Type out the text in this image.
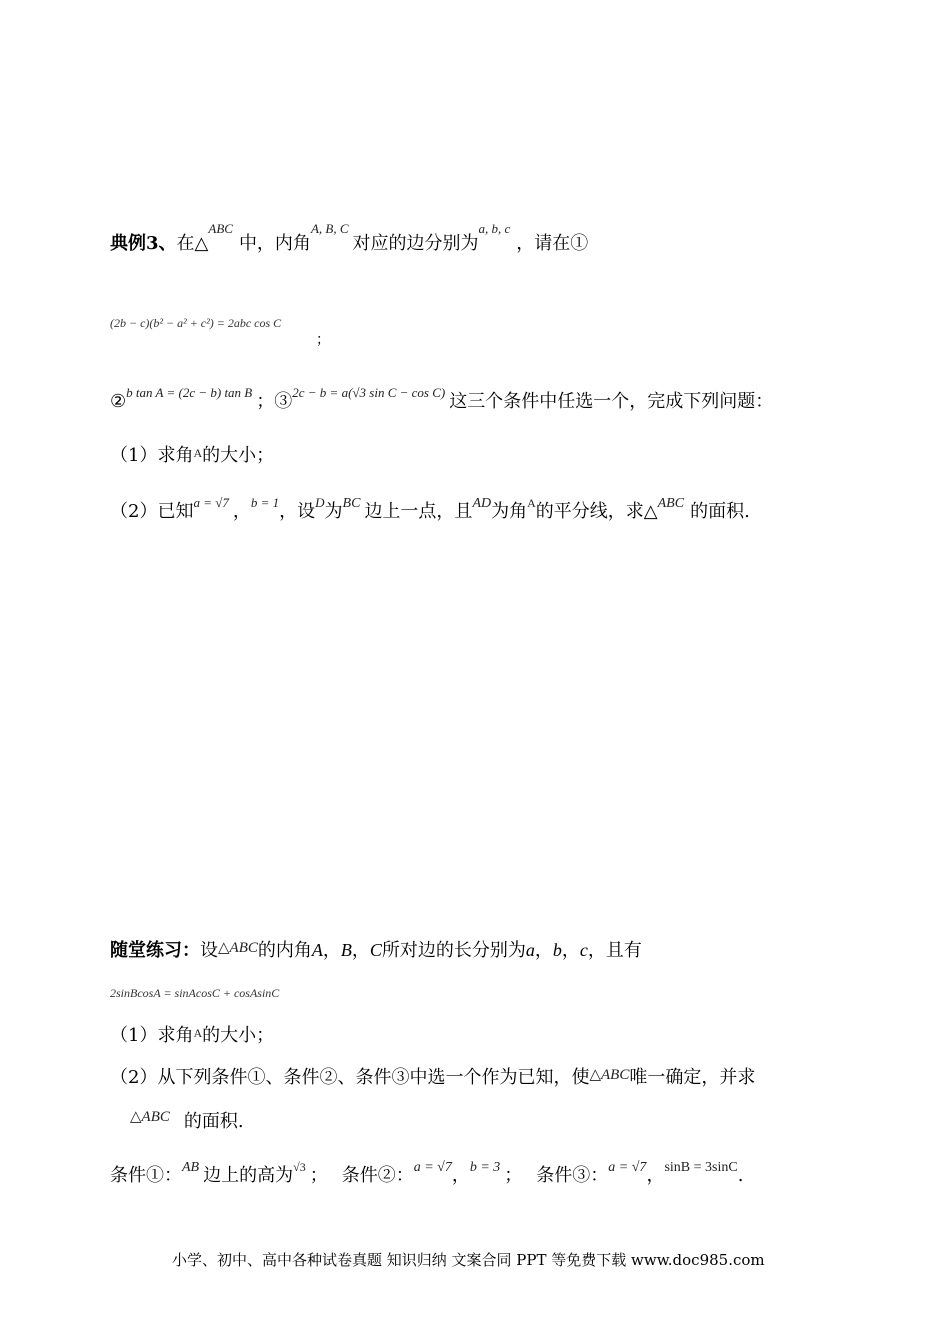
典例3、在△ABC中，内角A, B, C对应的边分别为a, b, c，请在①
(2b − c)(b² − a² + c²) = 2abc cos C
；
②b tan A = (2c − b) tan B ；③2c − b = a(√3 sin C − cos C) 这三个条件中任选一个，完成下列问题：
（1）求角A的大小；
（2）已知a = √7 ，b = 1，设D为BC 边上一点，且AD为角A的平分线，求△ABC 的面积.
随堂练习：设△ABC的内角A，B，C所对边的长分别为a，b，c，且有
2sinBcosA = sinAcosC + cosAsinC
（1）求角A的大小；
（2）从下列条件①、条件②、条件③中选一个作为已知，使△ABC唯一确定，并求
△ABC 的面积.
条件①：AB 边上的高为√3 ； 条件②：a = √7，b = 3 ； 条件③：a = √7，sinB = 3sinC.
小学、初中、高中各种试卷真题 知识归纳 文案合同 PPT 等免费下载 www.doc985.com
